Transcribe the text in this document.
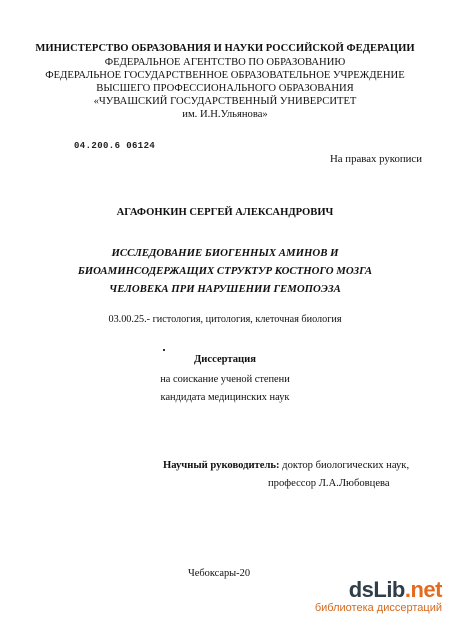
МИНИСТЕРСТВО ОБРАЗОВАНИЯ И НАУКИ РОССИЙСКОЙ ФЕДЕРАЦИИ
ФЕДЕРАЛЬНОЕ АГЕНТСТВО ПО ОБРАЗОВАНИЮ
ФЕДЕРАЛЬНОЕ ГОСУДАРСТВЕННОЕ ОБРАЗОВАТЕЛЬНОЕ УЧРЕЖДЕНИЕ
ВЫСШЕГО ПРОФЕССИОНАЛЬНОГО ОБРАЗОВАНИЯ
«ЧУВАШСКИЙ ГОСУДАРСТВЕННЫЙ УНИВЕРСИТЕТ
им. И.Н.Ульянова»
04.200.6 06124
На правах рукописи
АГАФОНКИН СЕРГЕЙ АЛЕКСАНДРОВИЧ
ИССЛЕДОВАНИЕ БИОГЕННЫХ АМИНОВ И
БИОАМИНСОДЕРЖАЩИХ СТРУКТУР КОСТНОГО МОЗГА
ЧЕЛОВЕКА ПРИ НАРУШЕНИИ ГЕМОПОЭЗА
03.00.25.- гистология, цитология, клеточная биология
Диссертация
на соискание ученой степени
кандидата медицинских наук
Научный руководитель: доктор биологических наук,
профессор Л.А.Любовцева
Чебоксары-20
dsLib.net
библиотека диссертаций
